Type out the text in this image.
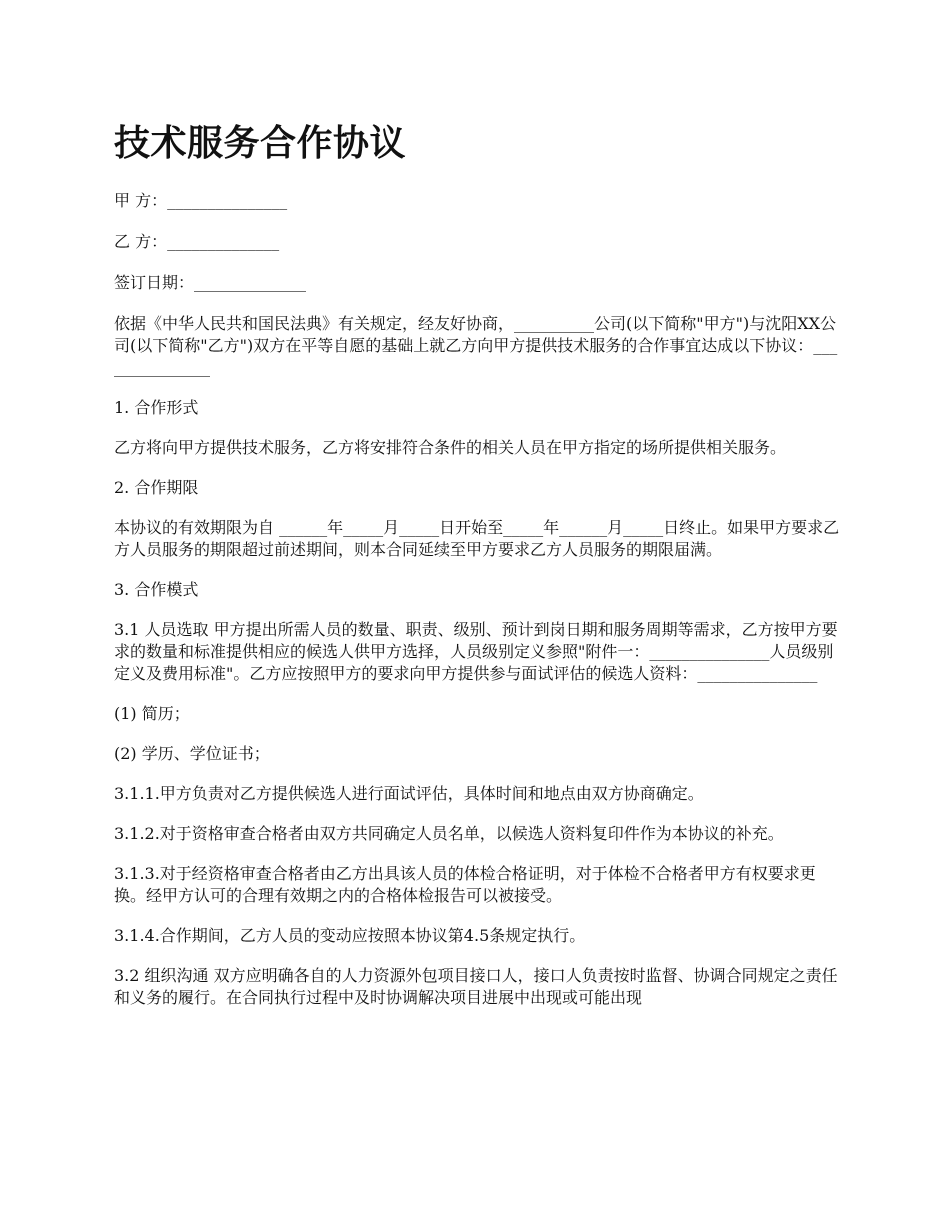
技术服务合作协议

甲 方：_______________

乙 方：______________

签订日期：______________

依据《中华人民共和国民法典》有关规定，经友好协商，__________公司(以下简称"甲方")与沈阳XX公司(以下简称"乙方")双方在平等自愿的基础上就乙方向甲方提供技术服务的合作事宜达成以下协议：_______________

1. 合作形式

乙方将向甲方提供技术服务，乙方将安排符合条件的相关人员在甲方指定的场所提供相关服务。

2. 合作期限

本协议的有效期限为自 ______年_____月_____日开始至_____年______月_____日终止。如果甲方要求乙方人员服务的期限超过前述期间，则本合同延续至甲方要求乙方人员服务的期限届满。

3. 合作模式

3.1 人员选取 甲方提出所需人员的数量、职责、级别、预计到岗日期和服务周期等需求，乙方按甲方要求的数量和标准提供相应的候选人供甲方选择，人员级别定义参照"附件一：_______________人员级别定义及费用标准"。乙方应按照甲方的要求向甲方提供参与面试评估的候选人资料：_______________

(1) 简历；

(2) 学历、学位证书；

3.1.1.甲方负责对乙方提供候选人进行面试评估，具体时间和地点由双方协商确定。

3.1.2.对于资格审查合格者由双方共同确定人员名单，以候选人资料复印件作为本协议的补充。

3.1.3.对于经资格审查合格者由乙方出具该人员的体检合格证明，对于体检不合格者甲方有权要求更换。经甲方认可的合理有效期之内的合格体检报告可以被接受。

3.1.4.合作期间，乙方人员的变动应按照本协议第4.5条规定执行。

3.2 组织沟通 双方应明确各自的人力资源外包项目接口人，接口人负责按时监督、协调合同规定之责任和义务的履行。在合同执行过程中及时协调解决项目进展中出现或可能出现
